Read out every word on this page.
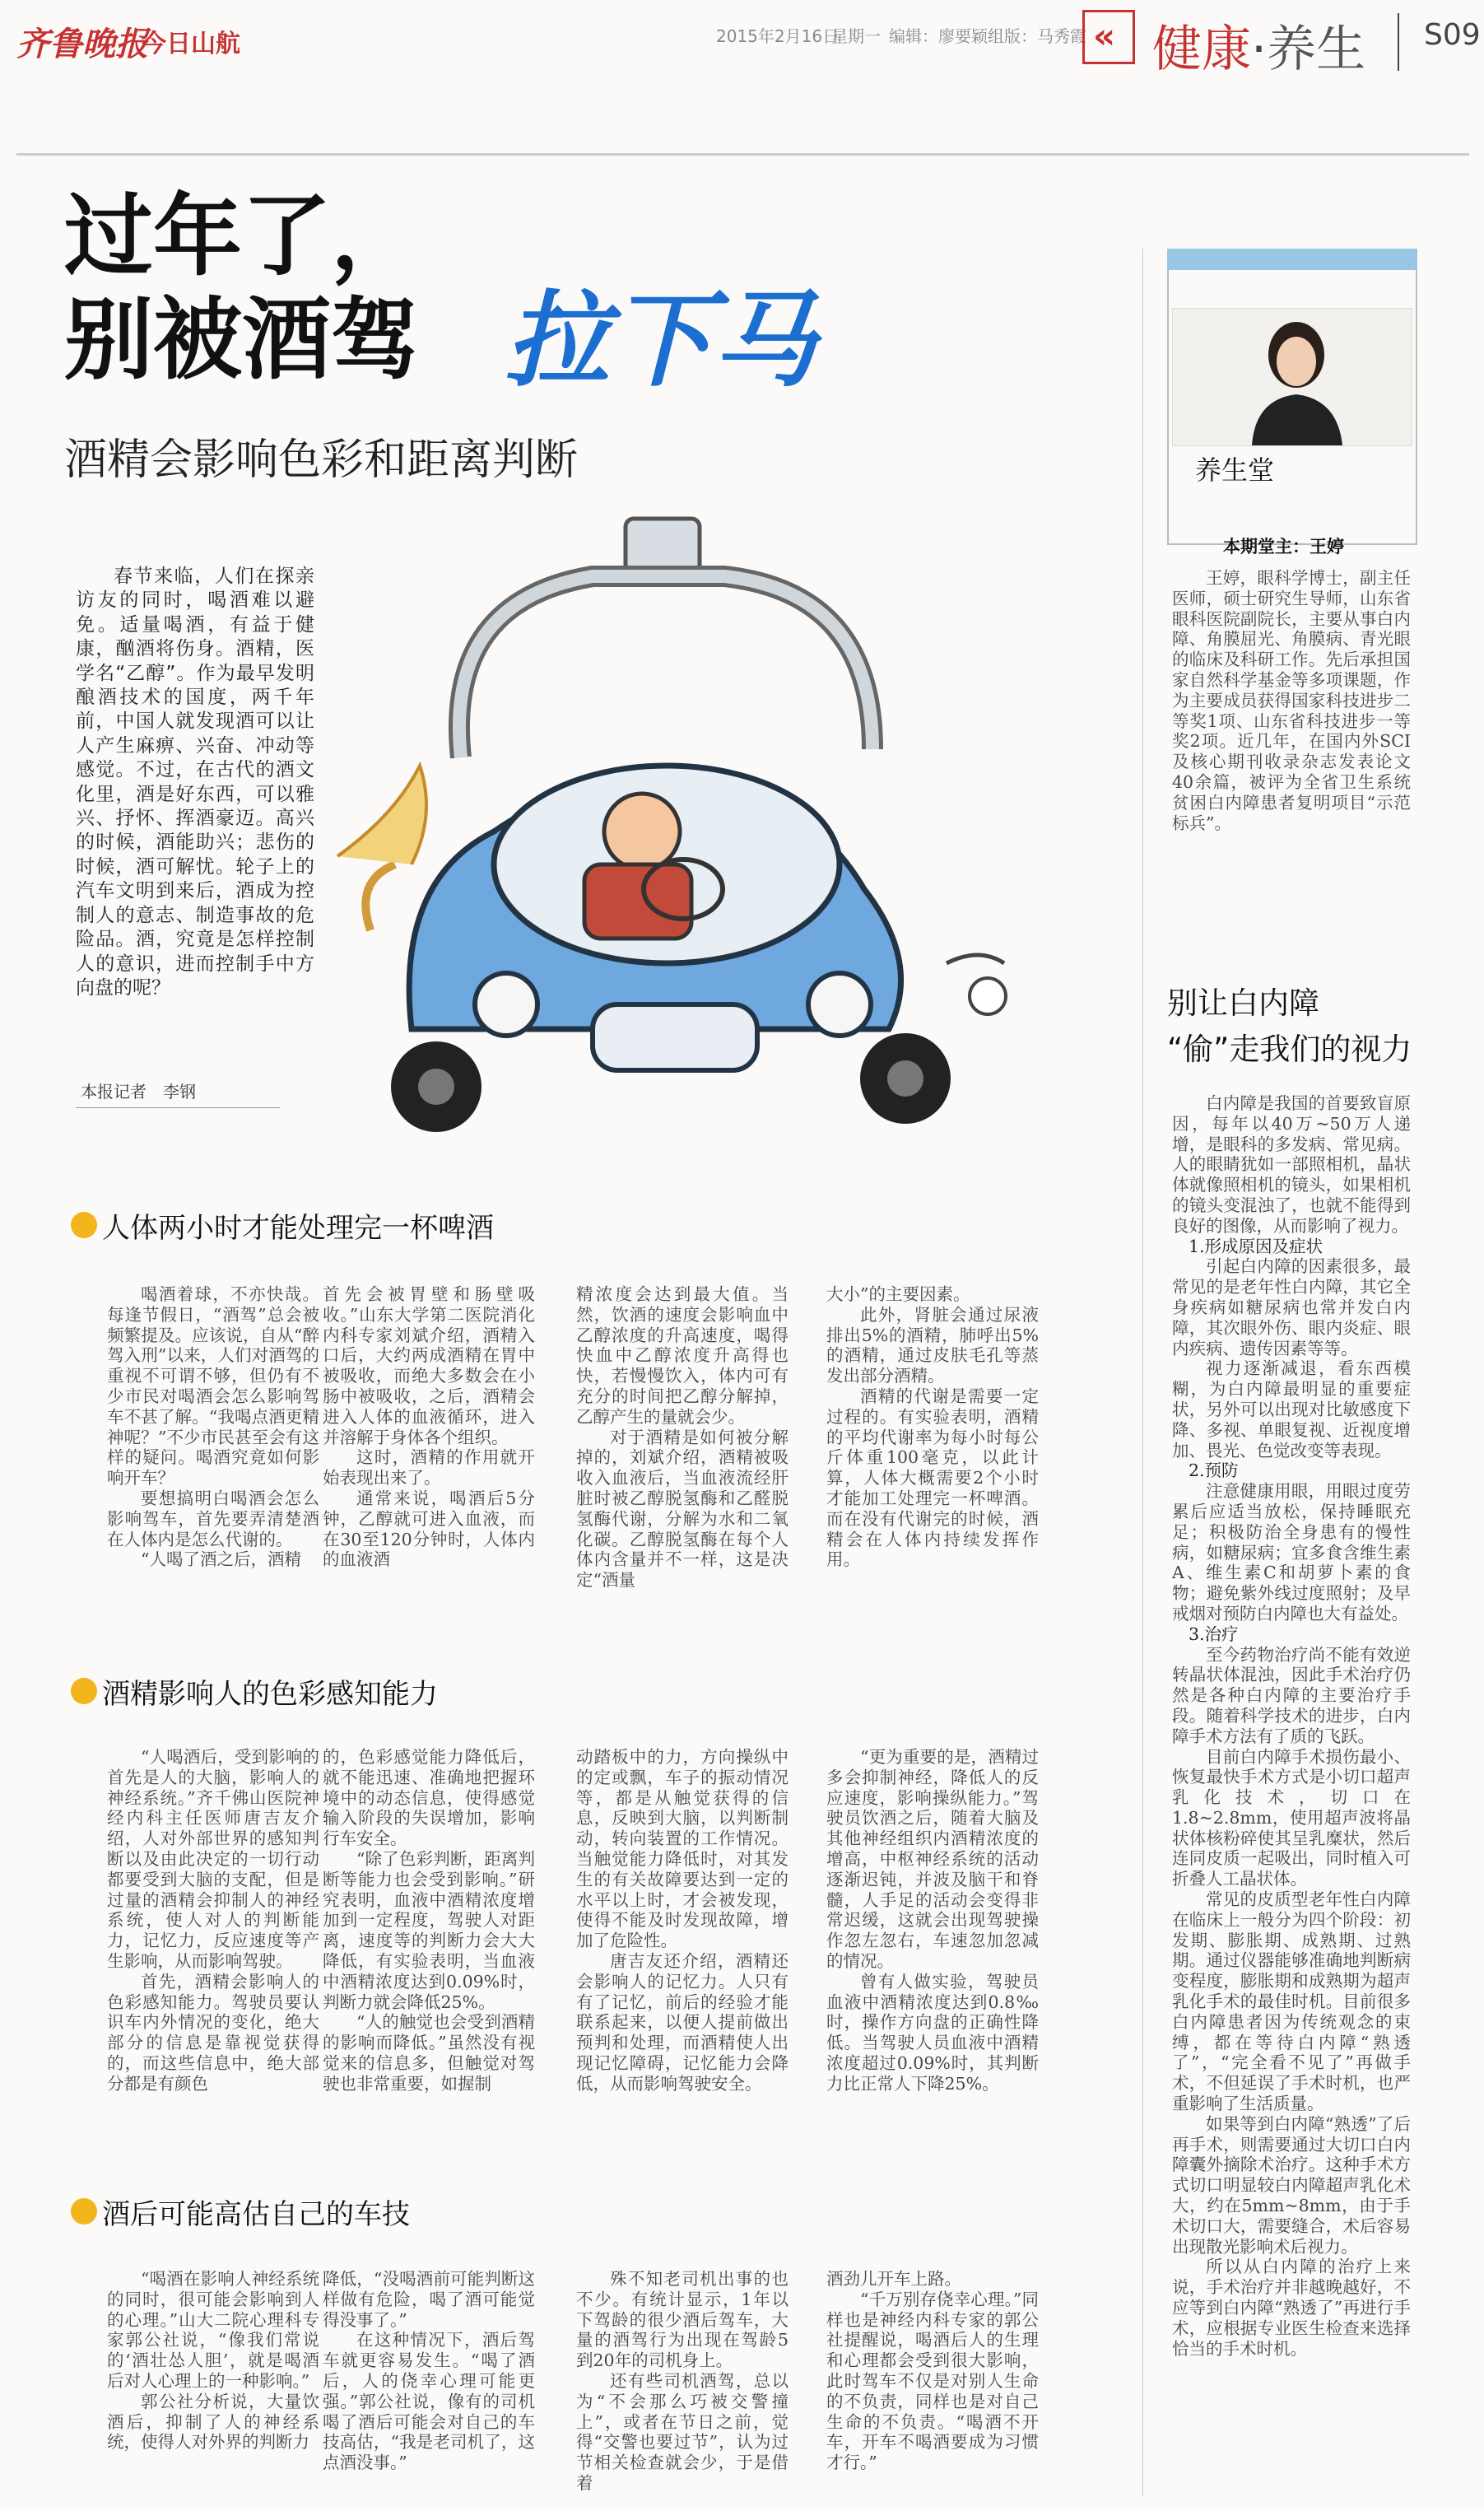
齐鲁晚报
今日山航	2015年2月16日
星期一 编辑：廖要颖 组版：马秀霞 « 健康·养生 S09
过年了，
别被酒驾 拉下马
酒精会影响色彩和距离判断
春节来临，人们在探亲访友的同时，喝酒难以避免。适量喝酒，有益于健康，酗酒将伤身。酒精，医学名“乙醇”。作为最早发明酿酒技术的国度，两千年前，中国人就发现酒可以让人产生麻痹、兴奋、冲动等感觉。不过，在古代的酒文化里，酒是好东西，可以雅兴、抒怀、挥酒豪迈。高兴的时候，酒能助兴；悲伤的时候，酒可解忧。轮子上的汽车文明到来后，酒成为控制人的意志、制造事故的危险品。酒，究竟是怎样控制人的意识，进而控制手中方向盘的呢？
本报记者　李钢
人体两小时才能处理完一杯啤酒

喝酒着球，不亦快哉。每逢节假日，“酒驾”总会被频繁提及。应该说，自从“醉驾入刑”以来，人们对酒驾的重视不可谓不够，但仍有不少市民对喝酒会怎么影响驾车不甚了解。“我喝点酒更精神呢？”不少市民甚至会有这样的疑问。喝酒究竟如何影响开车？

要想搞明白喝酒会怎么影响驾车，首先要弄清楚酒在人体内是怎么代谢的。

“人喝了酒之后，酒精

首先会被胃壁和肠壁吸收。”山东大学第二医院消化内科专家刘斌介绍，酒精入口后，大约两成酒精在胃中被吸收，而绝大多数会在小肠中被吸收，之后，酒精会进入人体的血液循环，进入并溶解于身体各个组织。

这时，酒精的作用就开始表现出来了。

通常来说，喝酒后5分钟，乙醇就可进入血液，而在30至120分钟时，人体内的血液酒

精浓度会达到最大值。当然，饮酒的速度会影响血中乙醇浓度的升高速度，喝得快血中乙醇浓度升高得也快，若慢慢饮入，体内可有充分的时间把乙醇分解掉，乙醇产生的量就会少。

对于酒精是如何被分解掉的，刘斌介绍，酒精被吸收入血液后，当血液流经肝脏时被乙醇脱氢酶和乙醛脱氢酶代谢，分解为水和二氧化碳。乙醇脱氢酶在每个人体内含量并不一样，这是决定“酒量

大小”的主要因素。

此外，肾脏会通过尿液排出5%的酒精，肺呼出5%的酒精，通过皮肤毛孔等蒸发出部分酒精。

酒精的代谢是需要一定过程的。有实验表明，酒精的平均代谢率为每小时每公斤体重100毫克，以此计算，人体大概需要2个小时才能加工处理完一杯啤酒。而在没有代谢完的时候，酒精会在人体内持续发挥作用。

酒精影响人的色彩感知能力

“人喝酒后，受到影响的首先是人的大脑，影响人的神经系统。”齐千佛山医院神经内科主任医师唐吉友介绍，人对外部世界的感知判断以及由此决定的一切行动都要受到大脑的支配，但是过量的酒精会抑制人的神经系统，使人对人的判断能力，记忆力，反应速度等产生影响，从而影响驾驶。

首先，酒精会影响人的色彩感知能力。驾驶员要认识车内外情况的变化，绝大部分的信息是靠视觉获得的，而这些信息中，绝大部分都是有颜色

的，色彩感觉能力降低后，就不能迅速、准确地把握环境中的动态信息，使得感觉输入阶段的失误增加，影响行车安全。

“除了色彩判断，距离判断等能力也会受到影响。”研究表明，血液中酒精浓度增加到一定程度，驾驶人对距离，速度等的判断力会大大降低，有实验表明，当血液中酒精浓度达到0.09%时，判断力就会降低25%。

“人的触觉也会受到酒精的影响而降低。”虽然没有视觉来的信息多，但触觉对驾驶也非常重要，如握制

动踏板中的力，方向操纵中的定或飘，车子的振动情况等，都是从触觉获得的信息，反映到大脑，以判断制动，转向装置的工作情况。当触觉能力降低时，对其发生的有关故障要达到一定的水平以上时，才会被发现，使得不能及时发现故障，增加了危险性。

唐吉友还介绍，酒精还会影响人的记忆力。人只有有了记忆，前后的经验才能联系起来，以便人提前做出预判和处理，而酒精使人出现记忆障碍，记忆能力会降低，从而影响驾驶安全。

“更为重要的是，酒精过多会抑制神经，降低人的反应速度，影响操纵能力。”驾驶员饮酒之后，随着大脑及其他神经组织内酒精浓度的增高，中枢神经系统的活动逐渐迟钝，并波及脑干和脊髓，人手足的活动会变得非常迟缓，这就会出现驾驶操作忽左忽右，车速忽加忽减的情况。

曾有人做实验，驾驶员血液中酒精浓度达到0.8‰时，操作方向盘的正确性降低。当驾驶人员血液中酒精浓度超过0.09%时，其判断力比正常人下降25%。

酒后可能高估自己的车技

“喝酒在影响人神经系统的同时，很可能会影响到人的心理。”山大二院心理科专家郭公社说，“像我们常说的‘酒壮怂人胆’，就是喝酒后对人心理上的一种影响。”

郭公社分析说，大量饮酒后，抑制了人的神经系统，使得人对外界的判断力

降低，“没喝酒前可能判断这样做有危险，喝了酒可能觉得没事了。”

在这种情况下，酒后驾车就更容易发生。“喝了酒后，人的侥幸心理可能更强。”郭公社说，像有的司机喝了酒后可能会对自己的车技高估，“我是老司机了，这点酒没事。”

殊不知老司机出事的也不少。有统计显示，1年以下驾龄的很少酒后驾车，大量的酒驾行为出现在驾龄5到20年的司机身上。

还有些司机酒驾，总以为“不会那么巧被交警撞上”，或者在节日之前，觉得“交警也要过节”，认为过节相关检查就会少，于是借着

酒劲儿开车上路。

“千万别存侥幸心理。”同样也是神经内科专家的郭公社提醒说，喝酒后人的生理和心理都会受到很大影响，此时驾车不仅是对别人生命的不负责，同样也是对自己生命的不负责。“喝酒不开车，开车不喝酒要成为习惯才行。”

养生堂
本期堂主：王婷

王婷，眼科学博士，副主任医师，硕士研究生导师，山东省眼科医院副院长，主要从事白内障、角膜屈光、角膜病、青光眼的临床及科研工作。先后承担国家自然科学基金等多项课题，作为主要成员获得国家科技进步二等奖1项、山东省科技进步一等奖2项。近几年，在国内外SCI及核心期刊收录杂志发表论文40余篇，被评为全省卫生系统贫困白内障患者复明项目“示范标兵”。

别让白内障
“偷”走我们的视力

白内障是我国的首要致盲原因，每年以40万~50万人递增，是眼科的多发病、常见病。人的眼睛犹如一部照相机，晶状体就像照相机的镜头，如果相机的镜头变混浊了，也就不能得到良好的图像，从而影响了视力。

1.形成原因及症状

引起白内障的因素很多，最常见的是老年性白内障，其它全身疾病如糖尿病也常并发白内障，其次眼外伤、眼内炎症、眼内疾病、遗传因素等等。

视力逐渐减退，看东西模糊，为白内障最明显的重要症状，另外可以出现对比敏感度下降、多视、单眼复视、近视度增加、畏光、色觉改变等表现。

2.预防

注意健康用眼，用眼过度劳累后应适当放松，保持睡眠充足；积极防治全身患有的慢性病，如糖尿病；宜多食含维生素A、维生素C和胡萝卜素的食物；避免紫外线过度照射；及早戒烟对预防白内障也大有益处。

3.治疗

至今药物治疗尚不能有效逆转晶状体混浊，因此手术治疗仍然是各种白内障的主要治疗手段。随着科学技术的进步，白内障手术方法有了质的飞跃。

目前白内障手术损伤最小、恢复最快手术方式是小切口超声乳化技术，切口在1.8~2.8mm，使用超声波将晶状体核粉碎使其呈乳糜状，然后连同皮质一起吸出，同时植入可折叠人工晶状体。

常见的皮质型老年性白内障在临床上一般分为四个阶段：初发期、膨胀期、成熟期、过熟期。通过仪器能够准确地判断病变程度，膨胀期和成熟期为超声乳化手术的最佳时机。目前很多白内障患者因为传统观念的束缚，都在等待白内障“熟透了”，“完全看不见了”再做手术，不但延误了手术时机，也严重影响了生活质量。

如果等到白内障“熟透”了后再手术，则需要通过大切口白内障囊外摘除术治疗。这种手术方式切口明显较白内障超声乳化术大，约在5mm~8mm，由于手术切口大，需要缝合，术后容易出现散光影响术后视力。

所以从白内障的治疗上来说，手术治疗并非越晚越好，不应等到白内障“熟透了”再进行手术，应根据专业医生检查来选择恰当的手术时机。
